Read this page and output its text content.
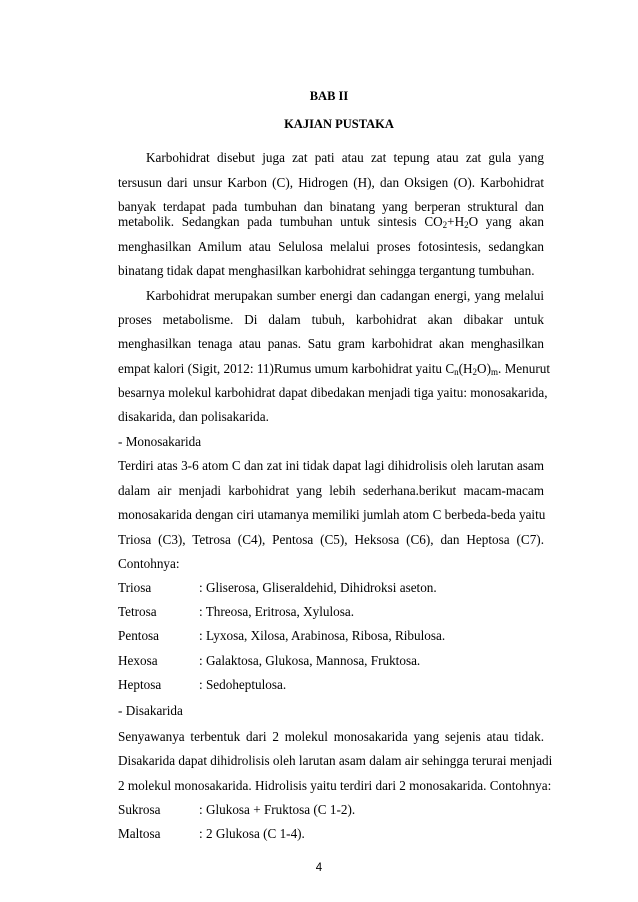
BAB II
KAJIAN PUSTAKA
Karbohidrat disebut juga zat pati atau zat tepung atau zat gula yang
tersusun dari unsur Karbon (C), Hidrogen (H), dan Oksigen (O). Karbohidrat
banyak terdapat pada tumbuhan dan binatang yang berperan struktural dan
metabolik. Sedangkan pada tumbuhan untuk sintesis $CO_2+H_2O$ yang akan
menghasilkan Amilum atau Selulosa melalui proses fotosintesis, sedangkan
binatang tidak dapat menghasilkan karbohidrat sehingga tergantung tumbuhan.
Karbohidrat merupakan sumber energi dan cadangan energi, yang melalui
proses metabolisme. Di dalam tubuh, karbohidrat akan dibakar untuk
menghasilkan tenaga atau panas. Satu gram karbohidrat akan menghasilkan
empat kalori (Sigit, 2012: 11)Rumus umum karbohidrat yaitu $C_n(H_2O)_m$. Menurut
besarnya molekul karbohidrat dapat dibedakan menjadi tiga yaitu: monosakarida,
disakarida, dan polisakarida.
- Monosakarida
Terdiri atas 3-6 atom C dan zat ini tidak dapat lagi dihidrolisis oleh larutan asam
dalam air menjadi karbohidrat yang lebih sederhana.berikut macam-macam
monosakarida dengan ciri utamanya memiliki jumlah atom C berbeda-beda yaitu
Triosa (C3), Tetrosa (C4), Pentosa (C5), Heksosa (C6), dan Heptosa (C7).
Contohnya:
Triosa	: Gliserosa, Gliseraldehid, Dihidroksi aseton.
Tetrosa	: Threosa, Eritrosa, Xylulosa.
Pentosa	: Lyxosa, Xilosa, Arabinosa, Ribosa, Ribulosa.
Hexosa	: Galaktosa, Glukosa, Mannosa, Fruktosa.
Heptosa	: Sedoheptulosa.
- Disakarida
Senyawanya terbentuk dari 2 molekul monosakarida yang sejenis atau tidak.
Disakarida dapat dihidrolisis oleh larutan asam dalam air sehingga terurai menjadi
2 molekul monosakarida. Hidrolisis yaitu terdiri dari 2 monosakarida. Contohnya:
Sukrosa	: Glukosa + Fruktosa (C 1-2).
Maltosa	: 2 Glukosa (C 1-4).
4
